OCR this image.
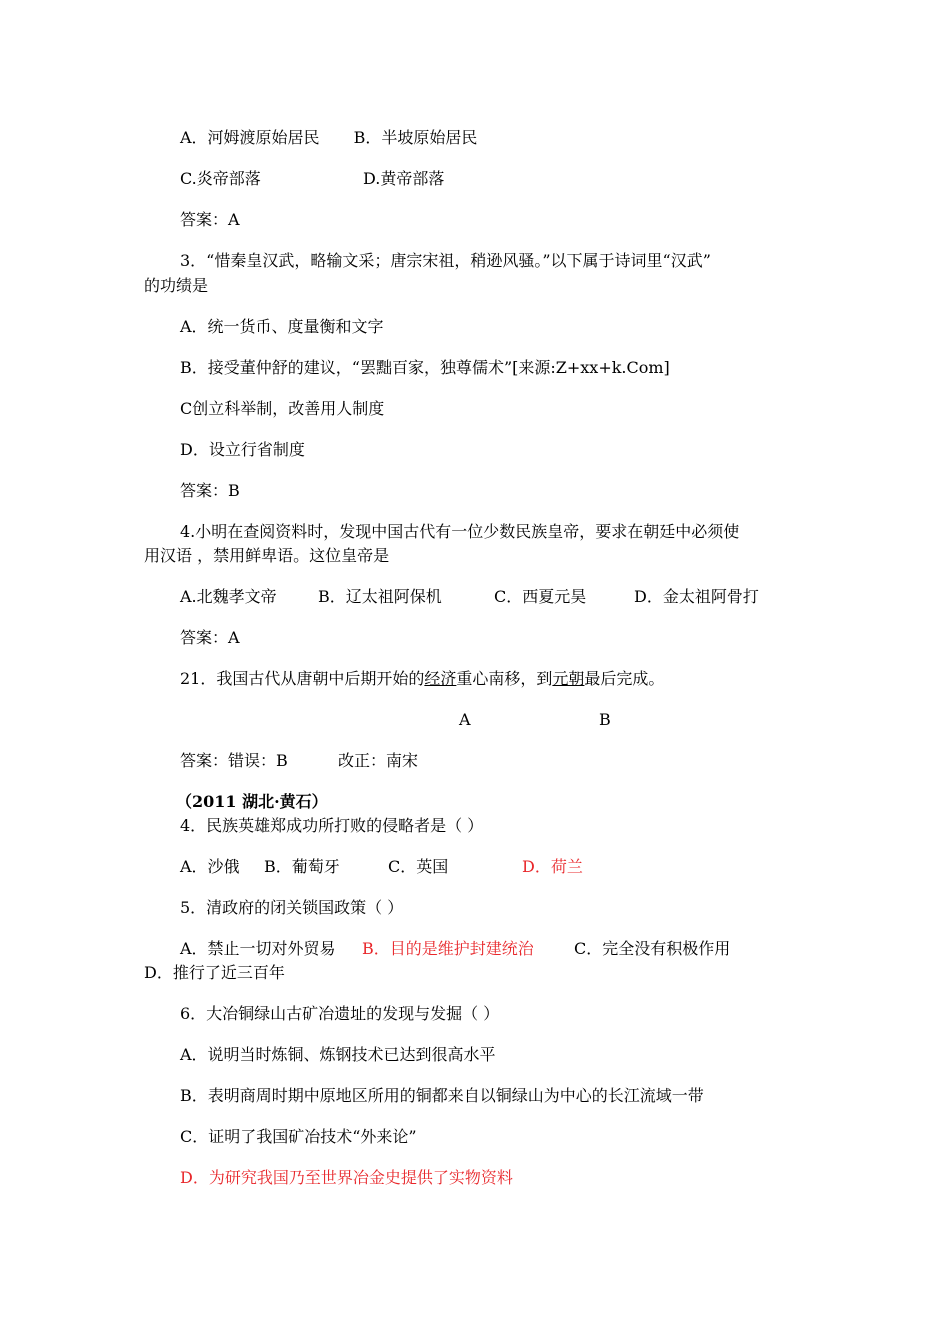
A．河姆渡原始居民 B．半坡原始居民
C.炎帝部落	D.黄帝部落
答案：A
3．“惜秦皇汉武，略输文采；唐宗宋祖，稍逊风骚。”以下属于诗词里“汉武”
的功绩是
A．统一货币、度量衡和文字
B．接受董仲舒的建议，“罢黜百家，独尊儒术”[来源:Z+xx+k.Com]
C创立科举制，改善用人制度
D．设立行省制度
答案：B
4.小明在查阅资料时，发现中国古代有一位少数民族皇帝，要求在朝廷中必须使
用汉语 ，禁用鲜卑语。这位皇帝是
A.北魏孝文帝	B．辽太祖阿保机	C．西夏元昊	D．金太祖阿骨打
答案：A
21．我国古代从唐朝中后期开始的经济重心南移，到元朝最后完成。
A	B
答案：错误：B	改正：南宋
（2011 湖北·黄石）
4．民族英雄郑成功所打败的侵略者是（ ）
A．沙俄 B．葡萄牙	C．英国	D．荷兰
5．清政府的闭关锁国政策（ ）
A．禁止一切对外贸易 B．目的是维护封建统治	C．完全没有积极作用
D．推行了近三百年
6．大冶铜绿山古矿冶遗址的发现与发掘（ ）
A．说明当时炼铜、炼钢技术已达到很高水平
B．表明商周时期中原地区所用的铜都来自以铜绿山为中心的长江流域一带
C．证明了我国矿冶技术“外来论”
D．为研究我国乃至世界冶金史提供了实物资料
